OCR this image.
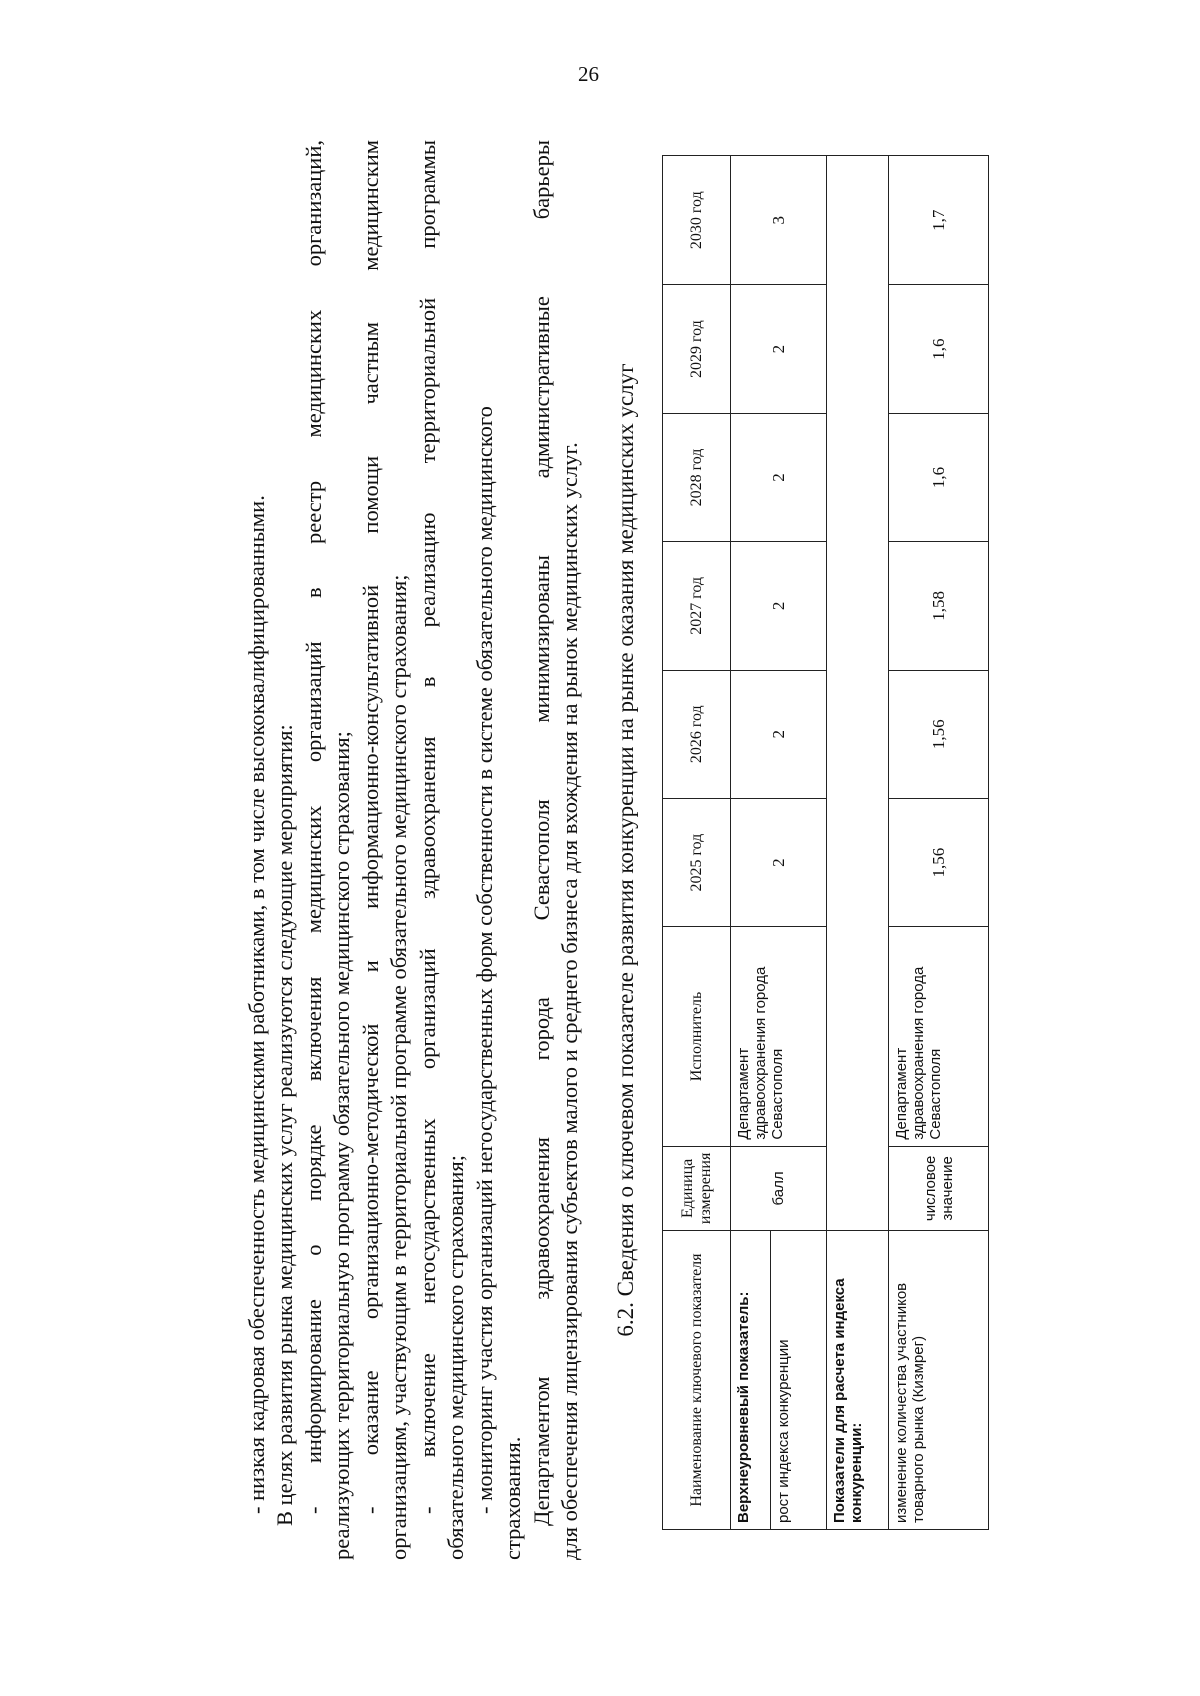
26
- низкая кадровая обеспеченность медицинскими работниками, в том числе высококвалифицированными. В целях развития рынка медицинских услуг реализуются следующие мероприятия: - информирование о порядке включения медицинских организаций в реестр медицинских организаций, реализующих территориальную программу обязательного медицинского страхования; - оказание организационно-методической и информационно-консультативной помощи частным медицинским организациям, участвующим в территориальной программе обязательного медицинского страхования; - включение негосударственных организаций здравоохранения в реализацию территориальной программы обязательного медицинского страхования; - мониторинг участия организаций негосударственных форм собственности в системе обязательного медицинского страхования. Департаментом здравоохранения города Севастополя минимизированы административные барьеры для обеспечения лицензирования субъектов малого и среднего бизнеса для вхождения на рынок медицинских услуг. 6.2. Сведения о ключевом показателе развития конкуренции на рынке оказания медицинских услуг
Наименование ключевого показателя	Единица измерения	Исполнитель	2025 год	2026 год	2027 год	2028 год	2029 год	2030 год
Верхнеуровневый показатель:	балл	Департамент здравоохранения города Севастополя	2	2	2	2	2	3
рост индекса конкуренции								
Показатели для расчета индекса конкуренции:								
изменение количества участников товарного рынка (Кизмрег)	числовое значение	Департамент здравоохранения города Севастополя	1,56	1,56	1,58	1,6	1,6	1,7
